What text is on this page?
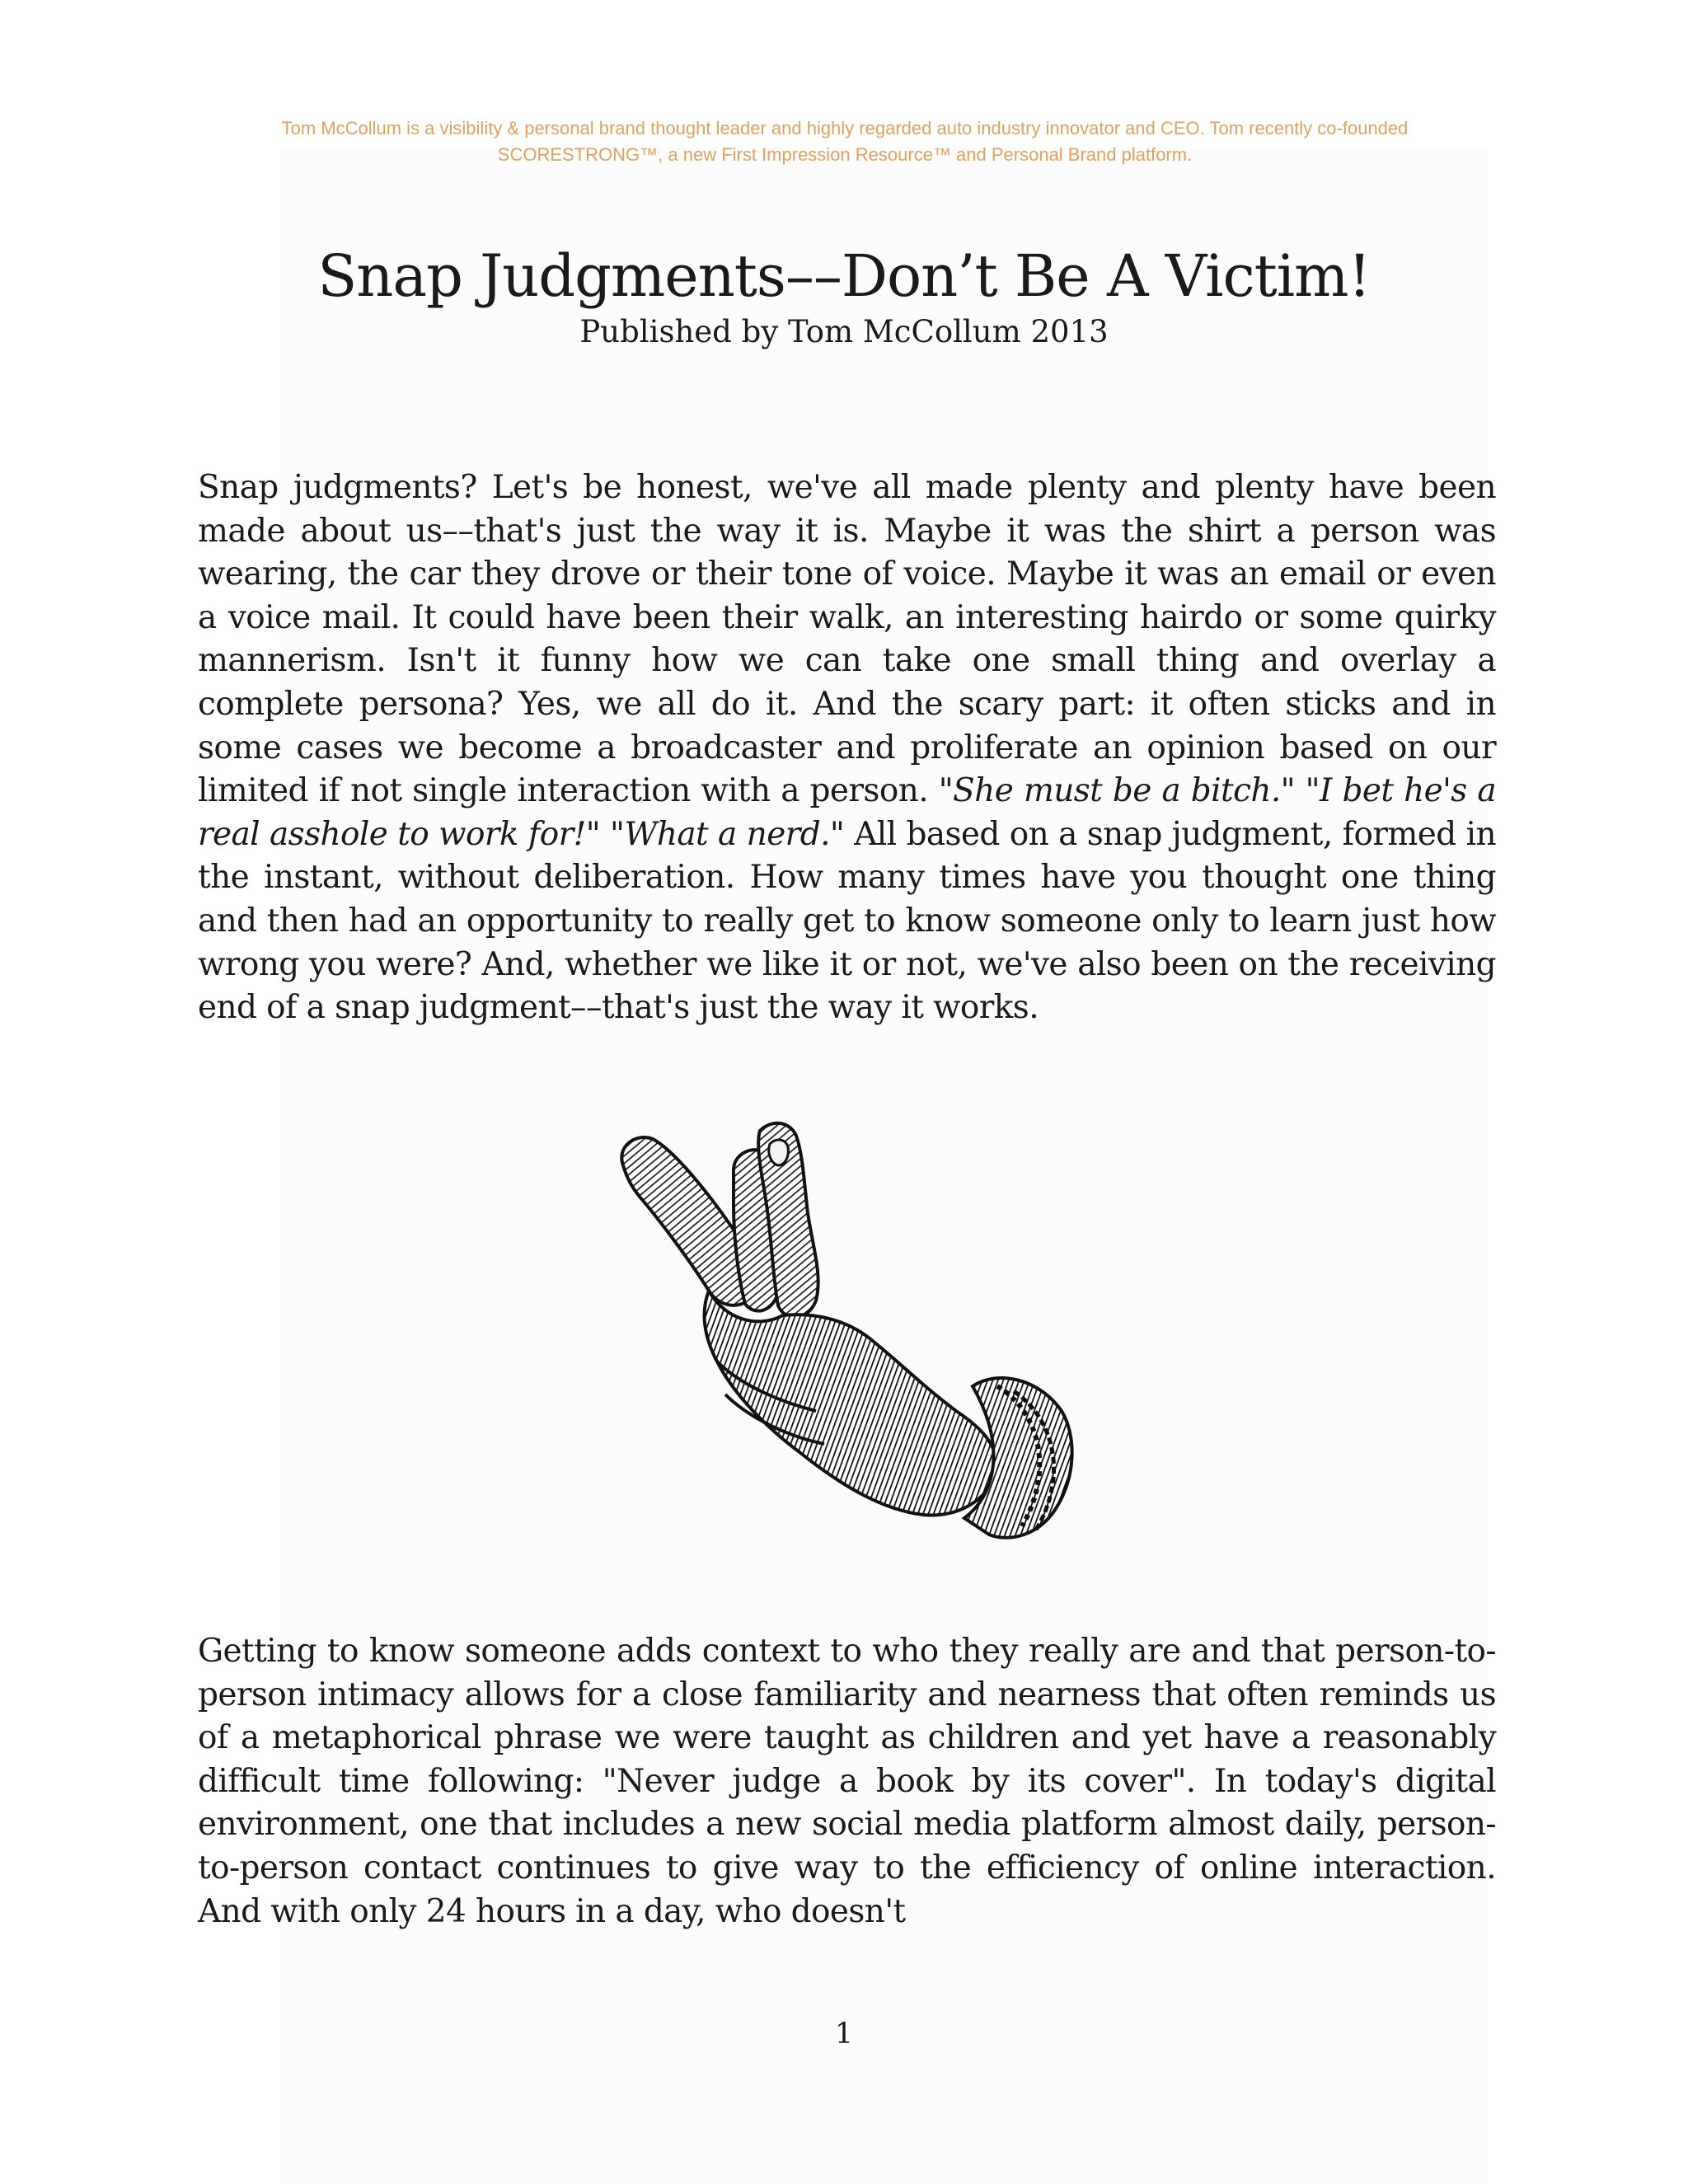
Tom McCollum is a visibility & personal brand thought leader and highly regarded auto industry innovator and CEO. Tom recently co-founded SCORESTRONG™, a new First Impression Resource™ and Personal Brand platform.
Snap Judgments––Don’t Be A Victim!
Published by Tom McCollum 2013
Snap judgments? Let's be honest, we've all made plenty and plenty have been made about us––that's just the way it is. Maybe it was the shirt a person was wearing, the car they drove or their tone of voice. Maybe it was an email or even a voice mail. It could have been their walk, an interesting hairdo or some quirky mannerism. Isn't it funny how we can take one small thing and overlay a complete persona? Yes, we all do it. And the scary part: it often sticks and in some cases we become a broadcaster and proliferate an opinion based on our limited if not single interaction with a person. "She must be a bitch." "I bet he's a real asshole to work for!" "What a nerd." All based on a snap judgment, formed in the instant, without deliberation. How many times have you thought one thing and then had an opportunity to really get to know someone only to learn just how wrong you were? And, whether we like it or not, we've also been on the receiving end of a snap judgment––that's just the way it works.
Getting to know someone adds context to who they really are and that person-to-person intimacy allows for a close familiarity and nearness that often reminds us of a metaphorical phrase we were taught as children and yet have a reasonably difficult time following: "Never judge a book by its cover". In today's digital environment, one that includes a new social media platform almost daily, person-to-person contact continues to give way to the efficiency of online interaction. And with only 24 hours in a day, who doesn't
1
